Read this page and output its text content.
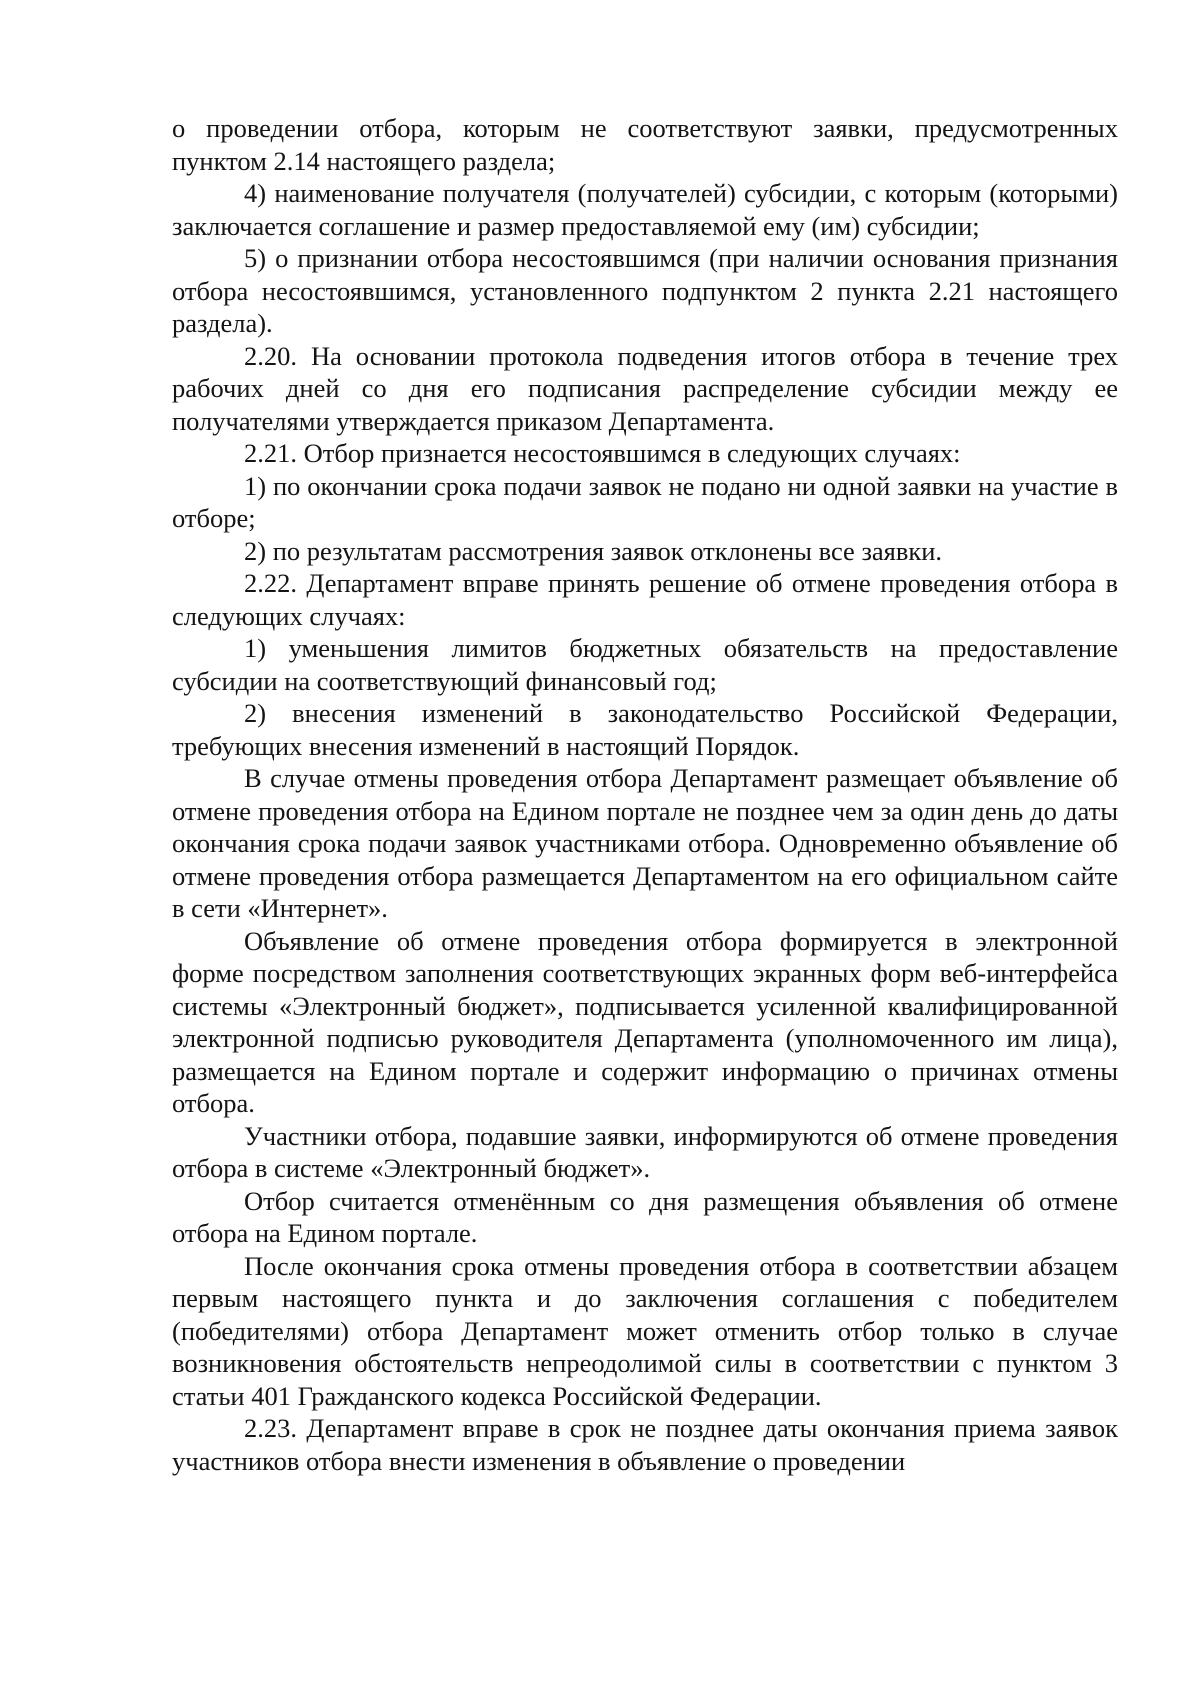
о проведении отбора, которым не соответствуют заявки, предусмотренных пунктом 2.14 настоящего раздела;

4) наименование получателя (получателей) субсидии, с которым (которыми) заключается соглашение и размер предоставляемой ему (им) субсидии;

5) о признании отбора несостоявшимся (при наличии основания признания отбора несостоявшимся, установленного подпунктом 2 пункта 2.21 настоящего раздела).

2.20. На основании протокола подведения итогов отбора в течение трех рабочих дней со дня его подписания распределение субсидии между ее получателями утверждается приказом Департамента.

2.21. Отбор признается несостоявшимся в следующих случаях:

1) по окончании срока подачи заявок не подано ни одной заявки на участие в отборе;

2) по результатам рассмотрения заявок отклонены все заявки.

2.22. Департамент вправе принять решение об отмене проведения отбора в следующих случаях:

1) уменьшения лимитов бюджетных обязательств на предоставление субсидии на соответствующий финансовый год;

2) внесения изменений в законодательство Российской Федерации, требующих внесения изменений в настоящий Порядок.

В случае отмены проведения отбора Департамент размещает объявление об отмене проведения отбора на Едином портале не позднее чем за один день до даты окончания срока подачи заявок участниками отбора. Одновременно объявление об отмене проведения отбора размещается Департаментом на его официальном сайте в сети «Интернет».

Объявление об отмене проведения отбора формируется в электронной форме посредством заполнения соответствующих экранных форм веб-интерфейса системы «Электронный бюджет», подписывается усиленной квалифицированной электронной подписью руководителя Департамента (уполномоченного им лица), размещается на Едином портале и содержит информацию о причинах отмены отбора.

Участники отбора, подавшие заявки, информируются об отмене проведения отбора в системе «Электронный бюджет».

Отбор считается отменённым со дня размещения объявления об отмене отбора на Едином портале.

После окончания срока отмены проведения отбора в соответствии абзацем первым настоящего пункта и до заключения соглашения с победителем (победителями) отбора Департамент может отменить отбор только в случае возникновения обстоятельств непреодолимой силы в соответствии с пунктом 3 статьи 401 Гражданского кодекса Российской Федерации.

2.23. Департамент вправе в срок не позднее даты окончания приема заявок участников отбора внести изменения в объявление о проведении
